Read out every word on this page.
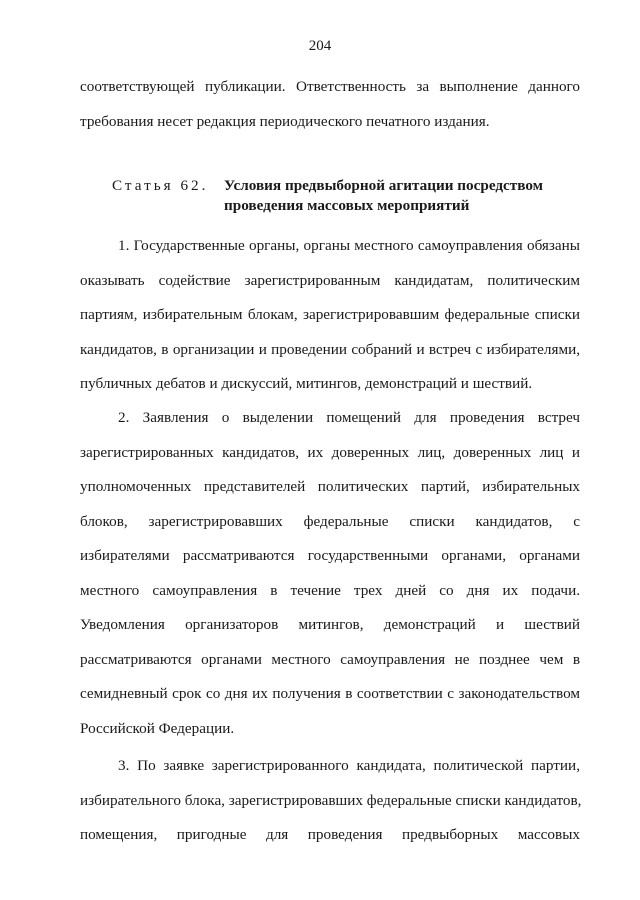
204
соответствующей публикации. Ответственность за выполнение данного
требования несет редакция периодического печатного издания.
Статья 62. Условия предвыборной агитации посредством
проведения массовых мероприятий
1. Государственные органы, органы местного самоуправления обязаны
оказывать содействие зарегистрированным кандидатам, политическим
партиям, избирательным блокам, зарегистрировавшим федеральные списки
кандидатов, в организации и проведении собраний и встреч с избирателями,
публичных дебатов и дискуссий, митингов, демонстраций и шествий.
2. Заявления о выделении помещений для проведения встреч
зарегистрированных кандидатов, их доверенных лиц, доверенных лиц и
уполномоченных представителей политических партий, избирательных
блоков, зарегистрировавших федеральные списки кандидатов, с
избирателями рассматриваются государственными органами, органами
местного самоуправления в течение трех дней со дня их подачи.
Уведомления организаторов митингов, демонстраций и шествий
рассматриваются органами местного самоуправления не позднее чем в
семидневный срок со дня их получения в соответствии с законодательством
Российской Федерации.
3. По заявке зарегистрированного кандидата, политической партии,
избирательного блока, зарегистрировавших федеральные списки кандидатов,
помещения, пригодные для проведения предвыборных массовых
